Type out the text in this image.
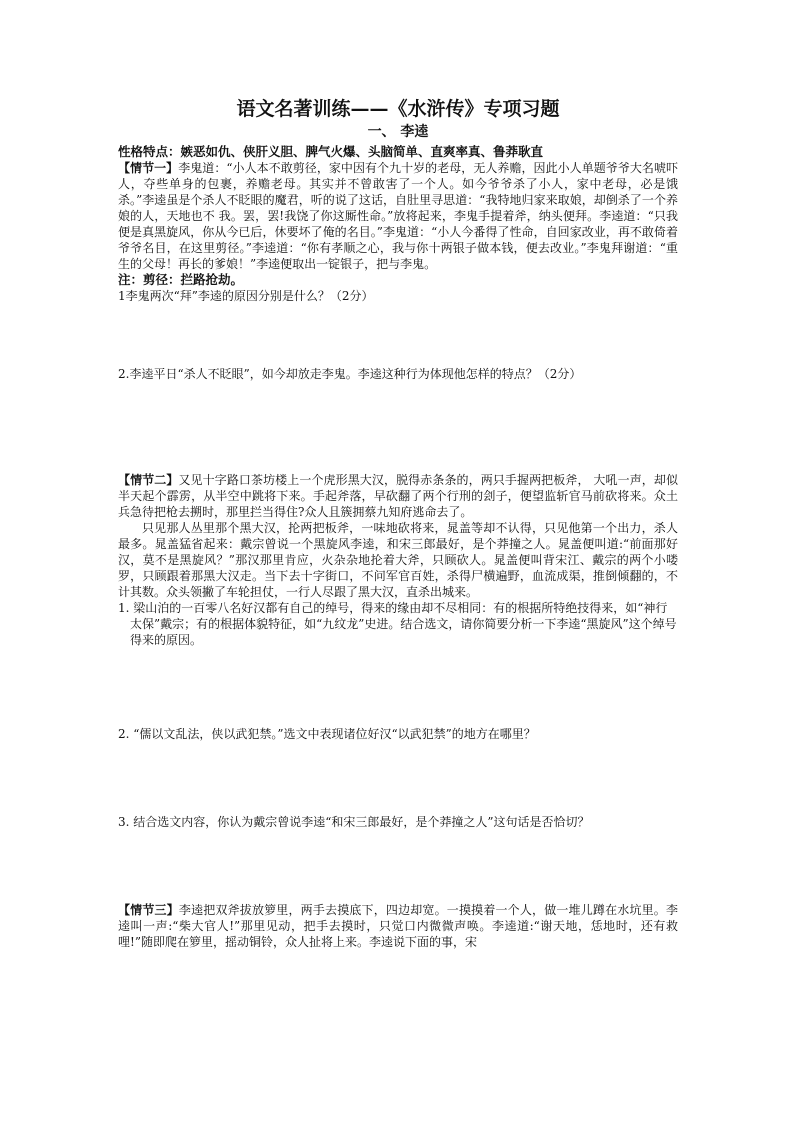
语文名著训练——《水浒传》专项习题
一、 李逵
性格特点：嫉恶如仇、侠肝义胆、脾气火爆、头脑简单、直爽率真、鲁莽耿直

【情节一】李鬼道：“小人本不敢剪径，家中因有个九十岁的老母，无人养赡，因此小人单题爷爷大名唬吓人，夺些单身的包裹，养赡老母。其实并不曾敢害了一个人。如今爷爷杀了小人，家中老母，必是饿杀。”李逵虽是个杀人不眨眼的魔君，听的说了这话，自肚里寻思道：“我特地归家来取娘，却倒杀了一个养娘的人，天地也不 我。罢，罢!我饶了你这厮性命。”放将起来，李鬼手提着斧，纳头便拜。李逵道：“只我便是真黑旋风，你从今已后，休要坏了俺的名目。”李鬼道：“小人今番得了性命，自回家改业，再不敢倚着爷爷名目，在这里剪径。”李逵道：“你有孝顺之心，我与你十两银子做本钱，便去改业。”李鬼拜谢道：“重生的父母！再长的爹娘！”李逵便取出一锭银子，把与李鬼。

注：剪径：拦路抢劫。
1李鬼两次“拜”李逵的原因分别是什么？（2分）
2.李逵平日“杀人不眨眼”，如今却放走李鬼。李逵这种行为体现他怎样的特点？（2分）

【情节二】又见十字路口茶坊楼上一个虎形黑大汉，脱得赤条条的，两只手握两把板斧， 大吼一声，却似半天起个霹雳，从半空中跳将下来。手起斧落，早砍翻了两个行刑的刽子，便望监斩官马前砍将来。众土兵急待把枪去搠时，那里拦当得住?众人且簇拥蔡九知府逃命去了。

只见那人丛里那个黑大汉，抡两把板斧，一味地砍将来，晁盖等却不认得，只见他第一个出力，杀人最多。晁盖猛省起来：戴宗曾说一个黑旋风李逵，和宋三郎最好，是个莽撞之人。晁盖便叫道:“前面那好汉，莫不是黑旋风？”那汉那里肯应，火杂杂地抡着大斧，只顾砍人。晁盖便叫背宋江、戴宗的两个小喽罗，只顾跟着那黑大汉走。当下去十字街口，不问军官百姓，杀得尸横遍野，血流成渠，推倒倾翻的，不计其数。众头领撇了车轮担仗，一行人尽跟了黑大汉，直杀出城来。

1. 梁山泊的一百零八名好汉都有自己的绰号，得来的缘由却不尽相同：有的根据所特绝技得来，如“神行太保”戴宗；有的根据体貌特征，如“九纹龙”史进。结合选文，请你简要分析一下李逵“黑旋风”这个绰号得来的原因。
2. “儒以文乱法，侠以武犯禁。”选文中表现诸位好汉“以武犯禁”的地方在哪里？
3. 结合选文内容，你认为戴宗曾说李逵“和宋三郎最好，是个莽撞之人”这句话是否恰切？

【情节三】李逵把双斧拔放箩里，两手去摸底下，四边却宽。一摸摸着一个人，做一堆儿蹲在水坑里。李逵叫一声:“柴大官人!”那里见动，把手去摸时，只觉口内微微声唤。李逵道:“谢天地，恁地时，还有救哩!”随即爬在箩里，摇动铜铃，众人扯将上来。李逵说下面的事，宋
